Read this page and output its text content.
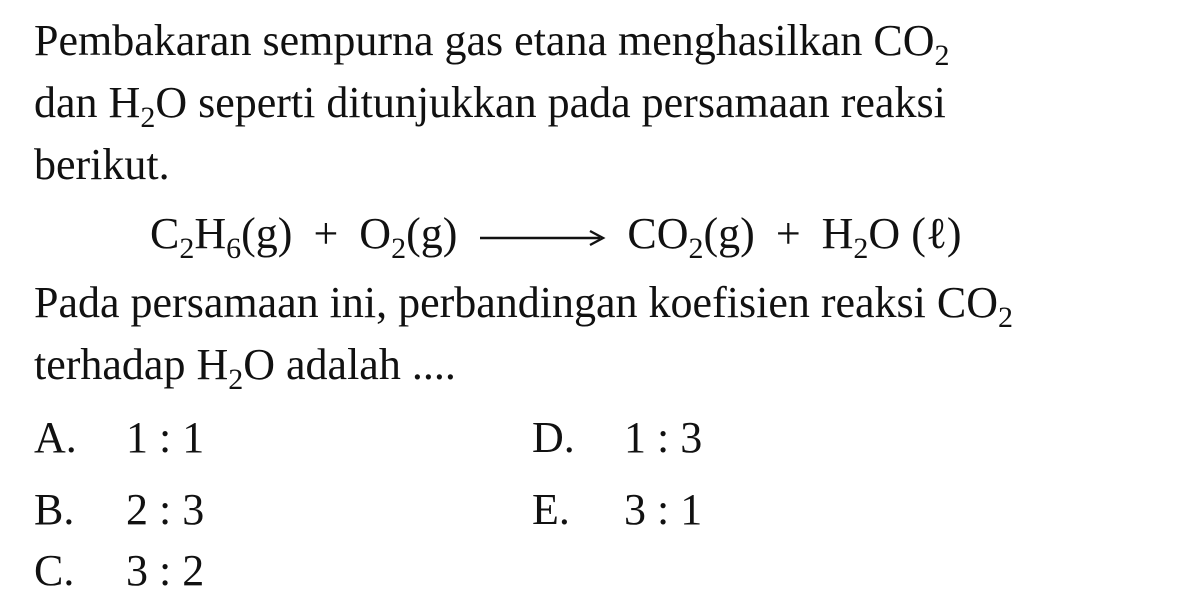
Pembakaran sempurna gas etana menghasilkan $CO_2$
dan $H_2O$ seperti ditunjukkan pada persamaan reaksi
berikut.
$C_2H_6(g) + O_2(g) \to CO_2(g) + H_2O$ (ℓ)
Pada persamaan ini, perbandingan koefisien reaksi $CO_2$
terhadap $H_2O$ adalah ....
A. 1 : 1
B. 2 : 3
C. 3 : 2
D. 1 : 3
E. 3 : 1
